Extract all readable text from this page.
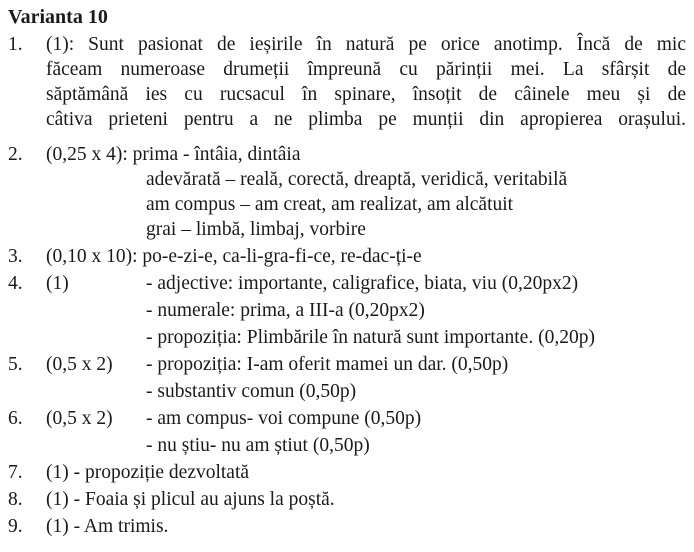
Varianta 10
1. (1): Sunt pasionat de ieșirile în natură pe orice anotimp. Încă de mic
făceam numeroase drumeții împreună cu părinții mei. La sfârșit de
săptămână ies cu rucsacul în spinare, însoțit de câinele meu și de
câtiva prieteni pentru a ne plimba pe munții din apropierea orașului.
2. (0,25 x 4): prima - întâia, dintâia
adevărată – reală, corectă, dreaptă, veridică, veritabilă
am compus – am creat, am realizat, am alcătuit
grai – limbă, limbaj, vorbire
3. (0,10 x 10): po-e-zi-e, ca-li-gra-fi-ce, re-dac-ți-e
4. (1)	- adjective: importante, caligrafice, biata, viu (0,20px2)
- numerale: prima, a III-a (0,20px2)
- propoziția: Plimbările în natură sunt importante. (0,20p)
5. (0,5 x 2) - propoziția: I-am oferit mamei un dar. (0,50p)
- substantiv comun (0,50p)
6. (0,5 x 2) - am compus- voi compune (0,50p)
- nu știu- nu am știut (0,50p)
7. (1) - propoziție dezvoltată
8. (1) - Foaia și plicul au ajuns la poștă.
9. (1) - Am trimis.
